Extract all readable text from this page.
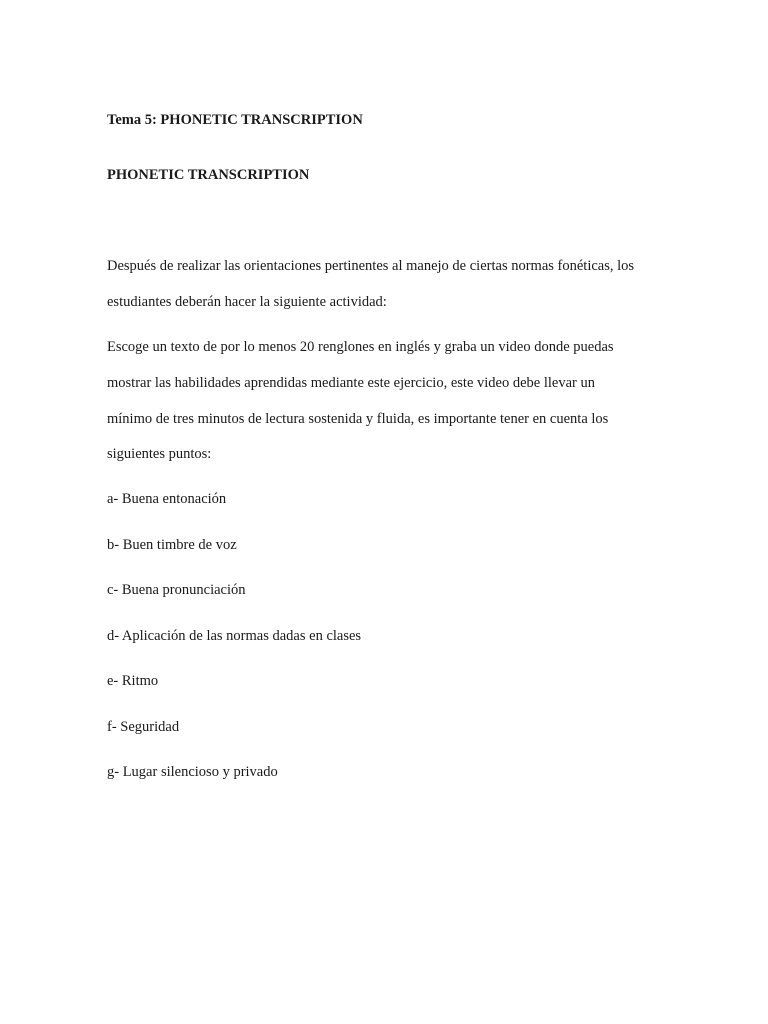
Tema 5: PHONETIC TRANSCRIPTION
PHONETIC TRANSCRIPTION
Después de realizar las orientaciones pertinentes al manejo de ciertas normas fonéticas, los
estudiantes deberán hacer la siguiente actividad:
Escoge un texto de por lo menos 20 renglones en inglés y graba un video donde puedas
mostrar las habilidades aprendidas mediante este ejercicio, este video debe llevar un
mínimo de tres minutos de lectura sostenida y fluida, es importante tener en cuenta los
siguientes puntos:
a- Buena entonación
b- Buen timbre de voz
c- Buena pronunciación
d- Aplicación de las normas dadas en clases
e- Ritmo
f- Seguridad
g- Lugar silencioso y privado
